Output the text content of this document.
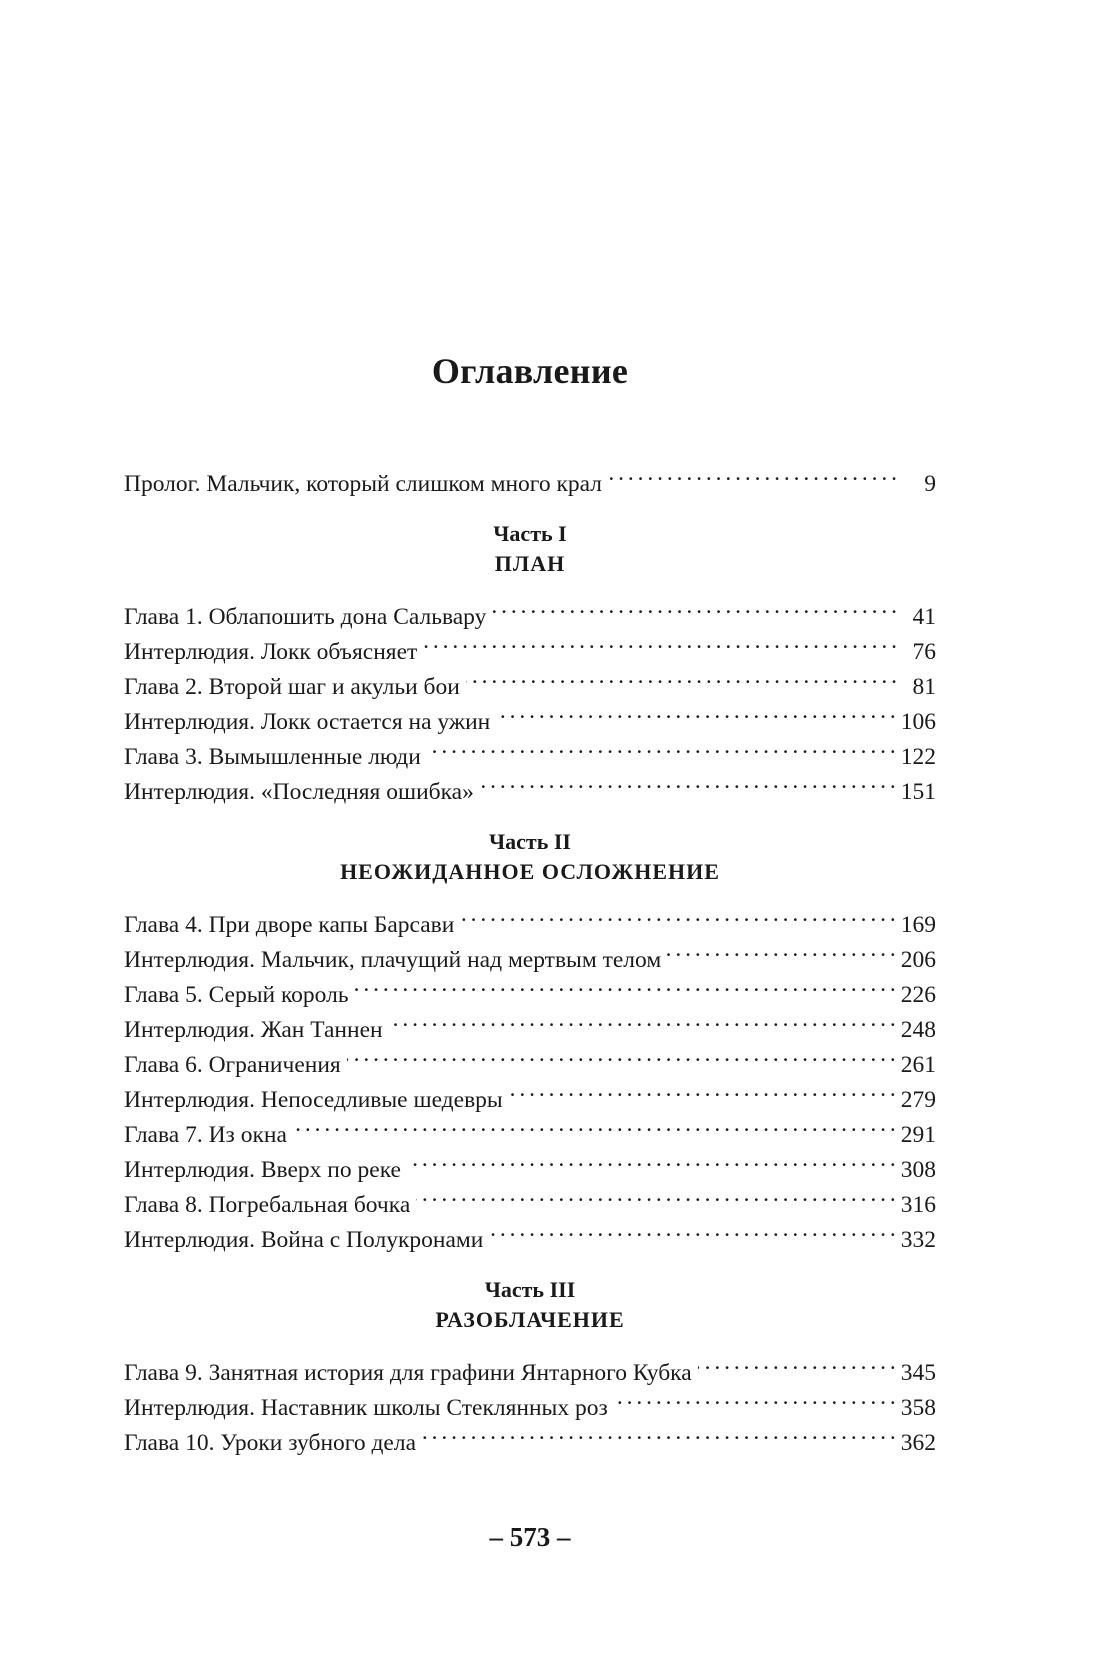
Оглавление
Пролог. Мальчик, который слишком много крал . . .	9
Часть I
ПЛАН
Глава 1. Облапошить дона Сальвару . . .	41
Интерлюдия. Локк объясняет . . .	76
Глава 2. Второй шаг и акульи бои . . .	81
Интерлюдия. Локк остается на ужин . . .	106
Глава 3. Вымышленные люди . . .	122
Интерлюдия. «Последняя ошибка» . . .	151
Часть II
НЕОЖИДАННОЕ ОСЛОЖНЕНИЕ
Глава 4. При дворе капы Барсави . . .	169
Интерлюдия. Мальчик, плачущий над мертвым телом . . .	206
Глава 5. Серый король . . .	226
Интерлюдия. Жан Таннен . . .	248
Глава 6. Ограничения . . .	261
Интерлюдия. Непоседливые шедевры . . .	279
Глава 7. Из окна . . .	291
Интерлюдия. Вверх по реке . . .	308
Глава 8. Погребальная бочка . . .	316
Интерлюдия. Война с Полукронами . . .	332
Часть III
РАЗОБЛАЧЕНИЕ
Глава 9. Занятная история для графини Янтарного Кубка . . .	345
Интерлюдия. Наставник школы Стеклянных роз . . .	358
Глава 10. Уроки зубного дела . . .	362
– 573 –
